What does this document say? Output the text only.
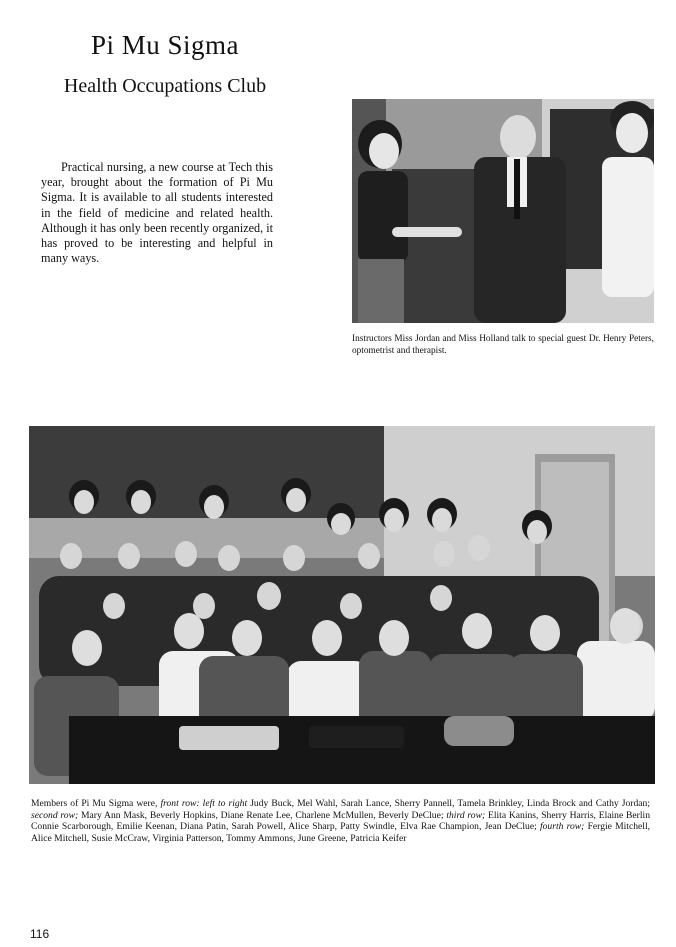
Pi Mu Sigma
Health Occupations Club

Practical nursing, a new course at Tech this year, brought about the formation of Pi Mu Sigma. It is available to all students interested in the field of medicine and related health. Although it has only been recently organized, it has proved to be interesting and helpful in many ways.

Instructors Miss Jordan and Miss Holland talk to special guest Dr. Henry Peters, optometrist and therapist.

Members of Pi Mu Sigma were, front row: left to right Judy Buck, Mel Wahl, Sarah Lance, Sherry Pannell, Tamela Brinkley, Linda Brock and Cathy Jordan; second row; Mary Ann Mask, Beverly Hopkins, Diane Renate Lee, Charlene McMullen, Beverly DeClue; third row; Elita Kanins, Sherry Harris, Elaine Berlin Connie Scarborough, Emilie Keenan, Diana Patin, Sarah Powell, Alice Sharp, Patty Swindle, Elva Rae Champion, Jean DeClue; fourth row; Fergie Mitchell, Alice Mitchell, Susie McCraw, Virginia Patterson, Tommy Ammons, June Greene, Patricia Keifer

116
